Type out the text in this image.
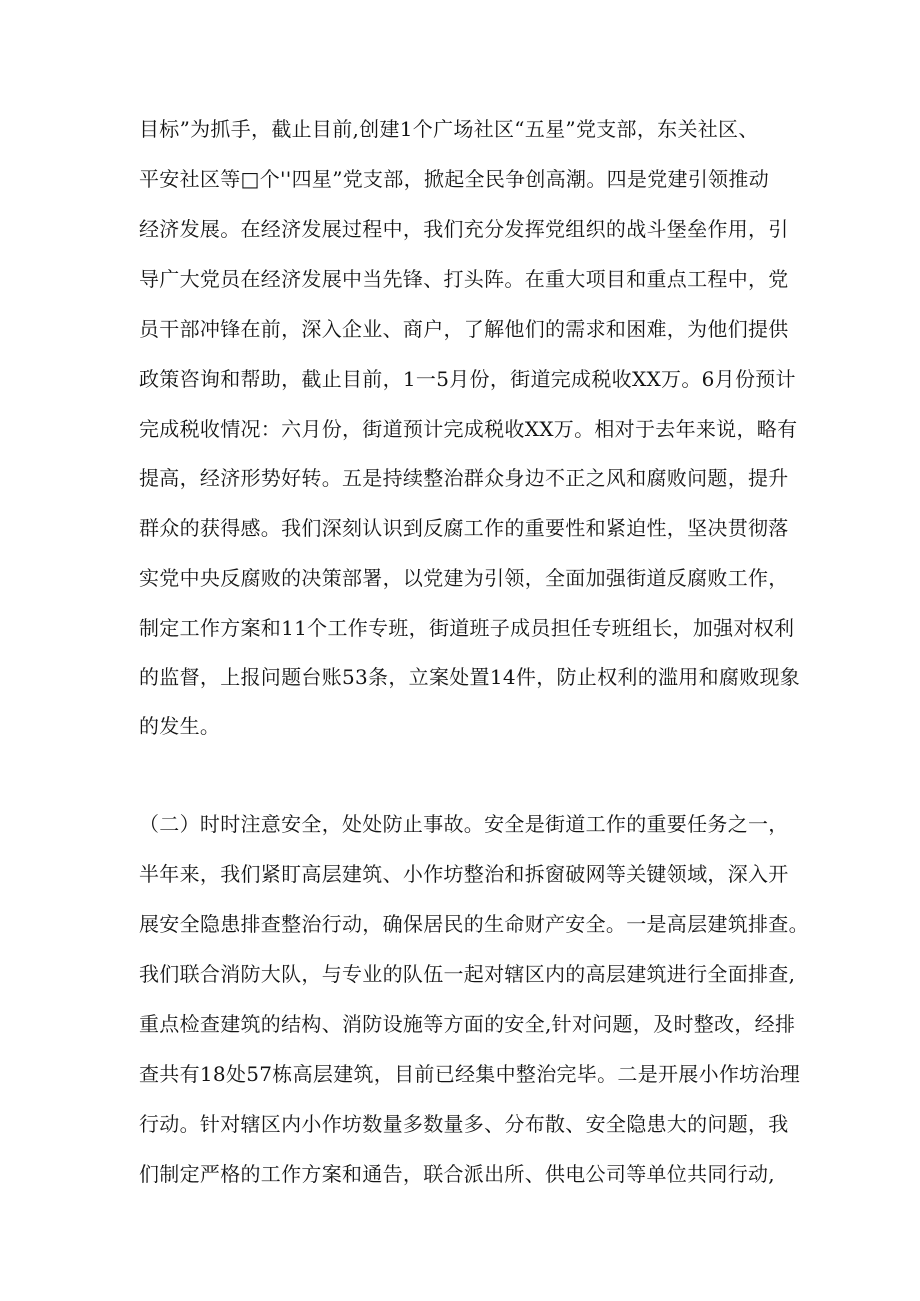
目标”为抓手，截止目前,创建1个广场社区“五星”党支部，东关社区、
平安社区等□个''四星”党支部，掀起全民争创高潮。四是党建引领推动
经济发展。在经济发展过程中，我们充分发挥党组织的战斗堡垒作用，引
导广大党员在经济发展中当先锋、打头阵。在重大项目和重点工程中，党
员干部冲锋在前，深入企业、商户，了解他们的需求和困难，为他们提供
政策咨询和帮助，截止目前，1一5月份，街道完成税收XX万。6月份预计
完成税收情况：六月份，街道预计完成税收XX万。相对于去年来说，略有
提高，经济形势好转。五是持续整治群众身边不正之风和腐败问题，提升
群众的获得感。我们深刻认识到反腐工作的重要性和紧迫性，坚决贯彻落
实党中央反腐败的决策部署，以党建为引领，全面加强街道反腐败工作，
制定工作方案和11个工作专班，街道班子成员担任专班组长，加强对权利
的监督，上报问题台账53条，立案处置14件，防止权利的滥用和腐败现象
的发生。
（二）时时注意安全，处处防止事故。安全是街道工作的重要任务之一，
半年来，我们紧盯高层建筑、小作坊整治和拆窗破网等关键领域，深入开
展安全隐患排查整治行动，确保居民的生命财产安全。一是高层建筑排查。
我们联合消防大队，与专业的队伍一起对辖区内的高层建筑进行全面排查,
重点检查建筑的结构、消防设施等方面的安全,针对问题，及时整改，经排
查共有18处57栋高层建筑，目前已经集中整治完毕。二是开展小作坊治理
行动。针对辖区内小作坊数量多数量多、分布散、安全隐患大的问题，我
们制定严格的工作方案和通告，联合派出所、供电公司等单位共同行动,
